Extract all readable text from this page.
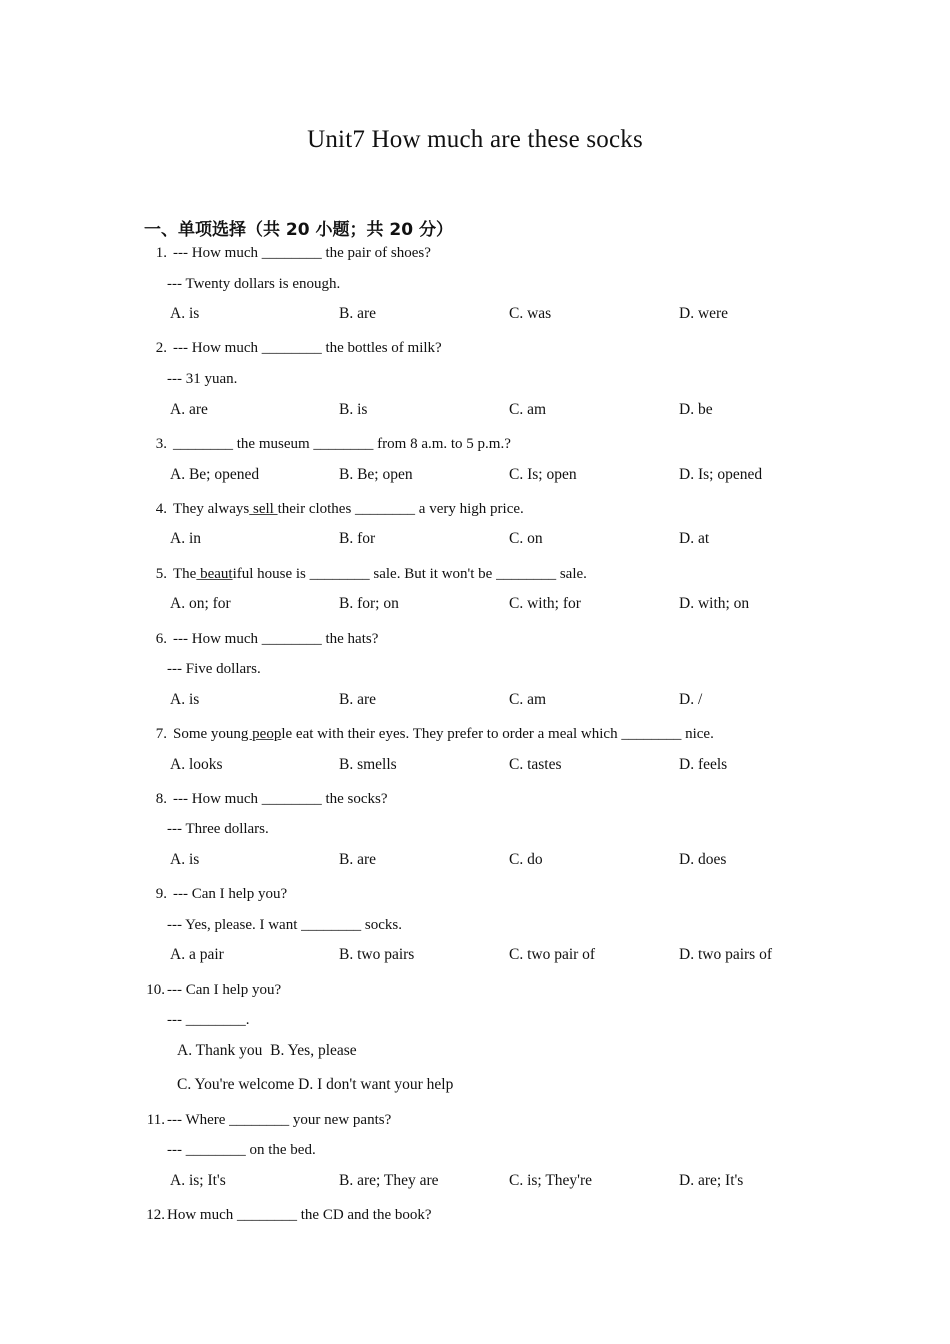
Unit7 How much are these socks
一、单项选择（共 20 小题；共 20 分）
1. --- How much ________ the pair of shoes?
--- Twenty dollars is enough.
A. is	B. are	C. was	D. were
2. --- How much ________ the bottles of milk?
--- 31 yuan.
A. are	B. is	C. am	D. be
3. ________ the museum ________ from 8 a.m. to 5 p.m.?
A. Be; opened	B. Be; open	C. Is; open	D. Is; opened
4. They always sell their clothes ________ a very high price.
A. in	B. for	C. on	D. at
5. The beautiful house is ________ sale. But it won't be ________ sale.
A. on; for	B. for; on	C. with; for	D. with; on
6. --- How much ________ the hats?
--- Five dollars.
A. is	B. are	C. am	D. /
7. Some young people eat with their eyes. They prefer to order a meal which ________ nice.
A. looks	B. smells	C. tastes	D. feels
8. --- How much ________ the socks?
--- Three dollars.
A. is	B. are	C. do	D. does
9. --- Can I help you?
--- Yes, please. I want ________ socks.
A. a pair	B. two pairs	C. two pair of	D. two pairs of
10. --- Can I help you?
--- ________.
A. Thank you  B. Yes, please
C. You're welcome D. I don't want your help
11. --- Where ________ your new pants?
--- ________ on the bed.
A. is; It's	B. are; They are	C. is; They're	D. are; It's
12. How much ________ the CD and the book?
